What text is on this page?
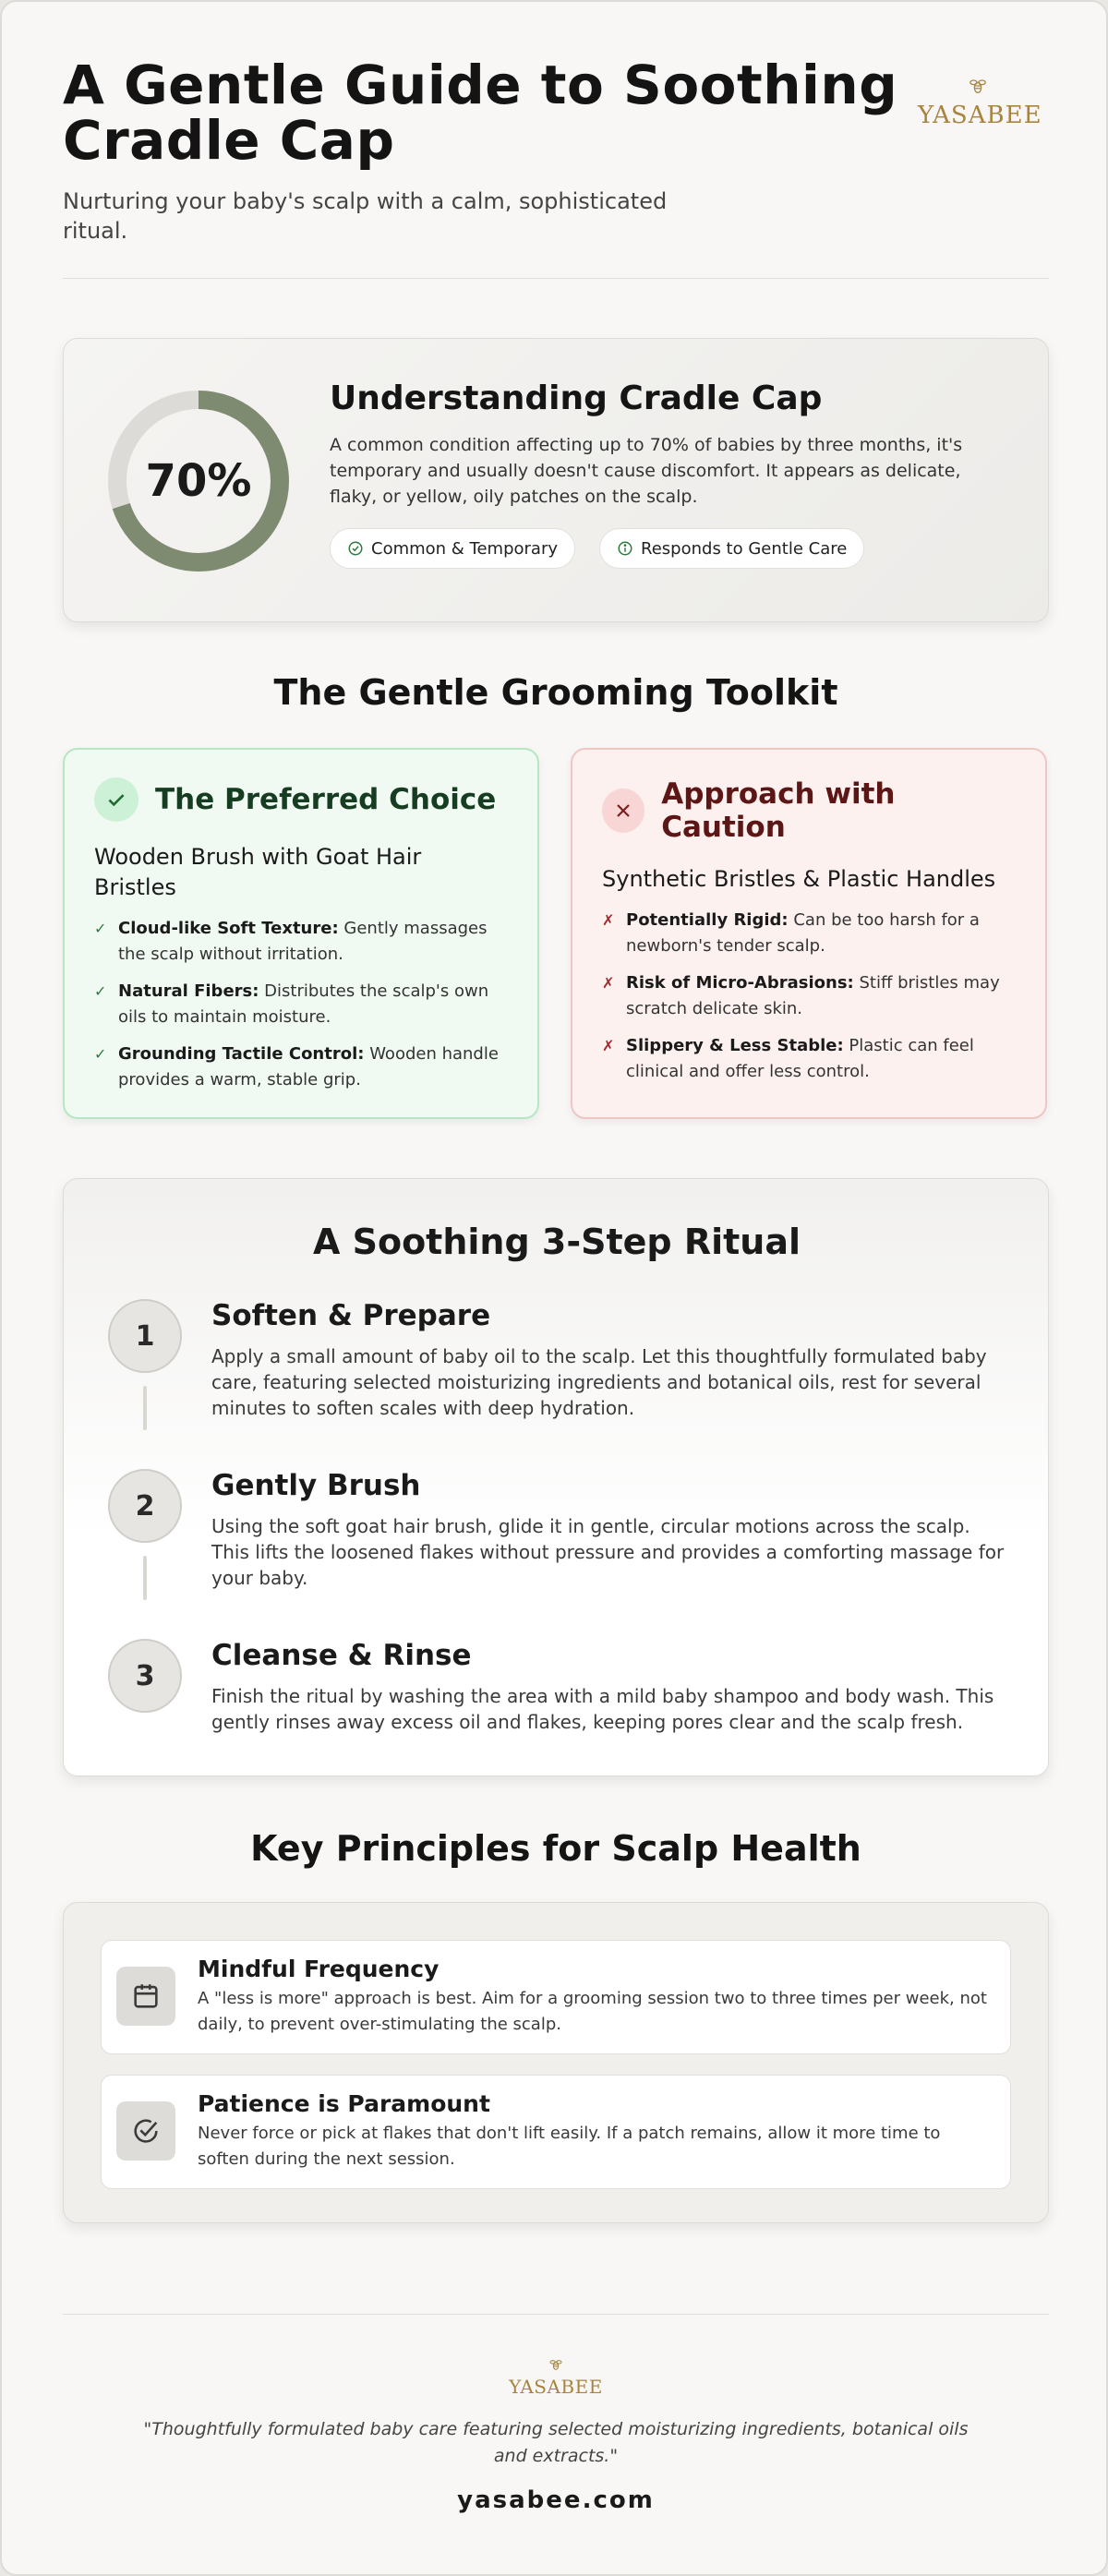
A Gentle Guide to Soothing Cradle Cap

Nurturing your baby's scalp with a calm, sophisticated ritual.

YASABEE
70%
Understanding Cradle Cap

A common condition affecting up to 70% of babies by three months, it's temporary and usually doesn't cause discomfort. It appears as delicate, flaky, or yellow, oily patches on the scalp.

Common & Temporary	Responds to Gentle Care
The Gentle Grooming Toolkit
The Preferred Choice

Wooden Brush with Goat Hair Bristles

✓ Cloud-like Soft Texture: Gently massages the scalp without irritation.
✓ Natural Fibers: Distributes the scalp's own oils to maintain moisture.
✓ Grounding Tactile Control: Wooden handle provides a warm, stable grip.
Approach with Caution

Synthetic Bristles & Plastic Handles

✗ Potentially Rigid: Can be too harsh for a newborn's tender scalp.
✗ Risk of Micro-Abrasions: Stiff bristles may scratch delicate skin.
✗ Slippery & Less Stable: Plastic can feel clinical and offer less control.
A Soothing 3-Step Ritual
1
Soften & Prepare

Apply a small amount of baby oil to the scalp. Let this thoughtfully formulated baby care, featuring selected moisturizing ingredients and botanical oils, rest for several minutes to soften scales with deep hydration.

2
Gently Brush

Using the soft goat hair brush, glide it in gentle, circular motions across the scalp. This lifts the loosened flakes without pressure and provides a comforting massage for your baby.

3
Cleanse & Rinse

Finish the ritual by washing the area with a mild baby shampoo and body wash. This gently rinses away excess oil and flakes, keeping pores clear and the scalp fresh.

Key Principles for Scalp Health
Mindful Frequency

A "less is more" approach is best. Aim for a grooming session two to three times per week, not daily, to prevent over-stimulating the scalp.

Patience is Paramount

Never force or pick at flakes that don't lift easily. If a patch remains, allow it more time to soften during the next session.

YASABEE

"Thoughtfully formulated baby care featuring selected moisturizing ingredients, botanical oils and extracts."

yasabee.com
